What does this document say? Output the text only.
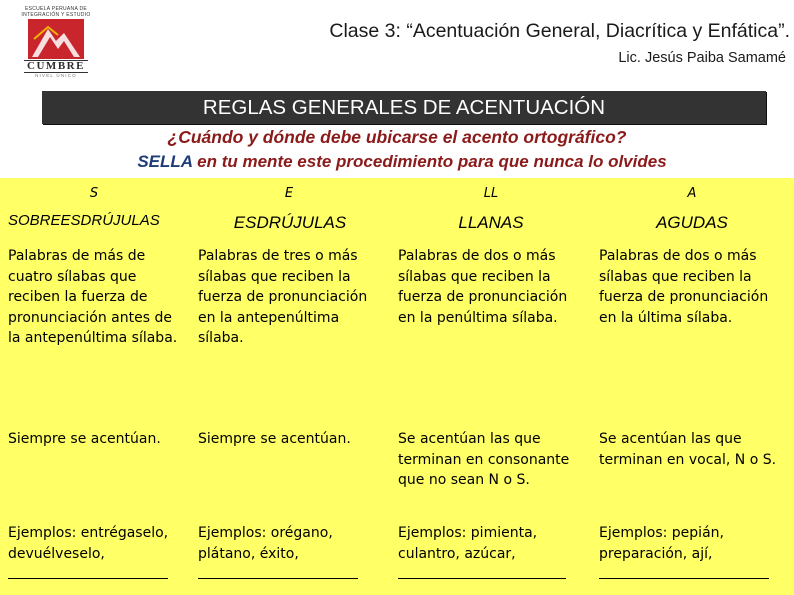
ESCUELA PERUANA DE INTEGRACIÓN Y ESTUDIO
CUMBRE
NIVEL ÚNICO
Clase 3: “Acentuación General, Diacrítica y Enfática”.
Lic. Jesús Paiba Samamé
REGLAS GENERALES DE ACENTUACIÓN
¿Cuándo y dónde debe ubicarse el acento ortográfico?
SELLA en tu mente este procedimiento para que nunca lo olvides
S
SOBREESDRÚJULAS
Palabras de más de
cuatro sílabas que
reciben la fuerza de
pronunciación antes de
la antepenúltima sílaba.
Siempre se acentúan.
Ejemplos: entrégaselo,
devuélveselo,
E
ESDRÚJULAS
Palabras de tres o más
sílabas que reciben la
fuerza de pronunciación
en la antepenúltima
sílaba.
Siempre se acentúan.
Ejemplos: orégano,
plátano, éxito,
LL
LLANAS
Palabras de dos o más
sílabas que reciben la
fuerza de pronunciación
en la penúltima sílaba.
Se acentúan las que
terminan en consonante
que no sean N o S.
Ejemplos: pimienta,
culantro, azúcar,
A
AGUDAS
Palabras de dos o más
sílabas que reciben la
fuerza de pronunciación
en la última sílaba.
Se acentúan las que
terminan en vocal, N o S.
Ejemplos: pepián,
preparación, ají,
